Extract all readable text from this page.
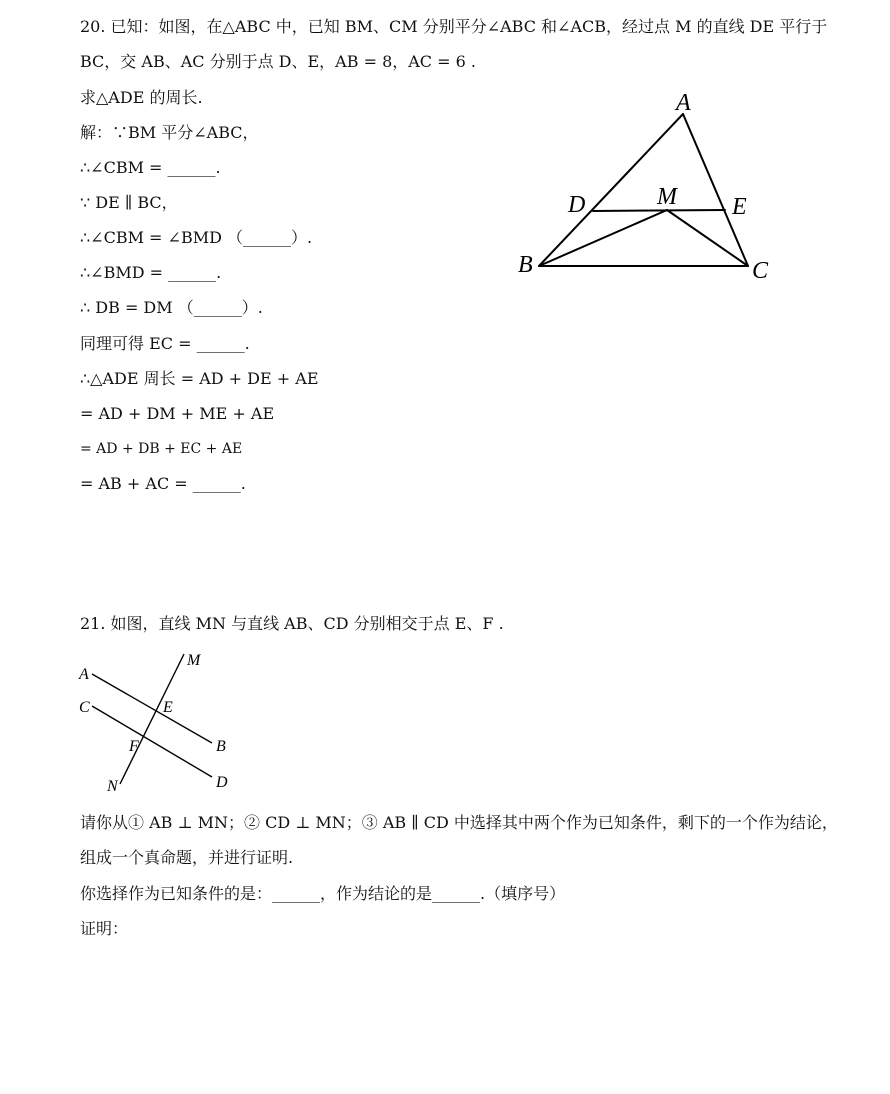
20. 已知：如图，在△ABC 中，已知 BM、CM 分别平分∠ABC 和∠ACB，经过点 M 的直线 DE 平行于
BC，交 AB、AC 分别于点 D、E，AB = 8，AC = 6 .
求△ADE 的周长.
解：∵BM 平分∠ABC，
∴∠CBM = ______.
∵ DE ∥ BC，
∴∠CBM = ∠BMD （______）.
∴∠BMD = ______.
∴ DB = DM （______）.
同理可得 EC = ______.
∴△ADE 周长 = AD + DE + AE
= AD + DM + ME + AE
= AD + DB + EC + AE
= AB + AC = ______.
A
D	M E
B	C
21. 如图，直线 MN 与直线 AB、CD 分别相交于点 E、F .
M
A
C	E
F	B
N	D
请你从① AB ⊥ MN；② CD ⊥ MN；③ AB ∥ CD 中选择其中两个作为已知条件，剩下的一个作为结论，
组成一个真命题，并进行证明.
你选择作为已知条件的是：______，作为结论的是______.（填序号）
证明：
